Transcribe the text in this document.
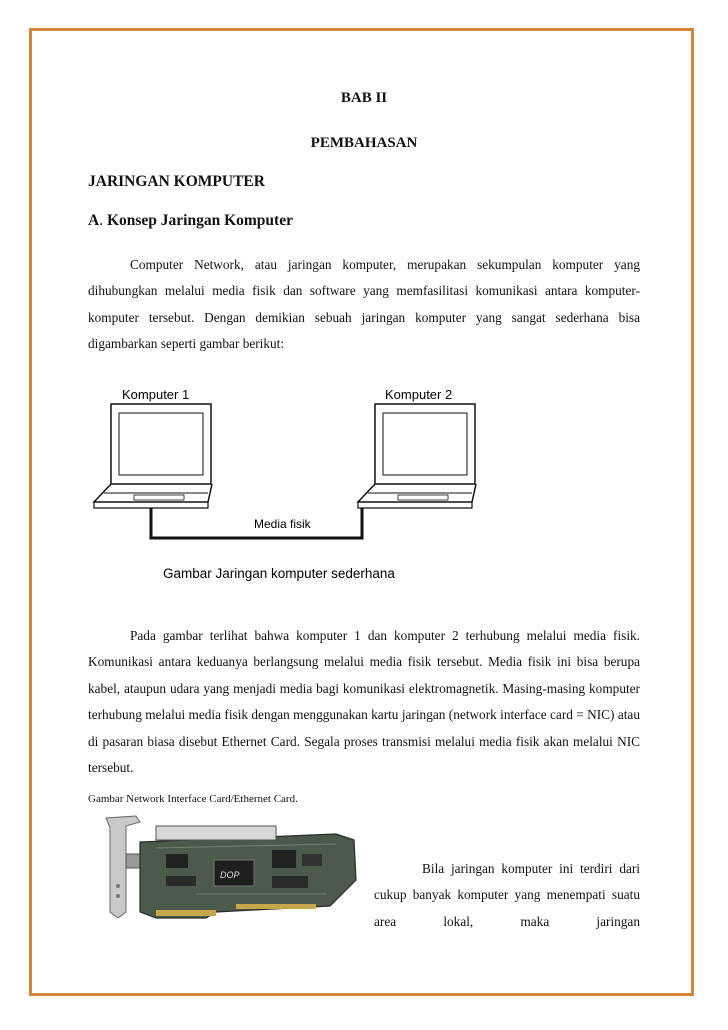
BAB II
PEMBAHASAN
JARINGAN KOMPUTER
A. Konsep Jaringan Komputer

Computer Network, atau jaringan komputer, merupakan sekumpulan komputer yang dihubungkan melalui media fisik dan software yang memfasilitasi komunikasi antara komputer-komputer tersebut. Dengan demikian sebuah jaringan komputer yang sangat sederhana bisa digambarkan seperti gambar berikut:

Komputer 1	Komputer 2
Media fisik
Gambar Jaringan komputer sederhana

Pada gambar terlihat bahwa komputer 1 dan komputer 2 terhubung melalui media fisik. Komunikasi antara keduanya berlangsung melalui media fisik tersebut. Media fisik ini bisa berupa kabel, ataupun udara yang menjadi media bagi komunikasi elektromagnetik. Masing-masing komputer terhubung melalui media fisik dengan menggunakan kartu jaringan (network interface card = NIC) atau di pasaran biasa disebut Ethernet Card. Segala proses transmisi melalui media fisik akan melalui NIC tersebut.

Gambar Network Interface Card/Ethernet Card.
DOP	Bila jaringan komputer ini terdiri dari cukup banyak komputer yang menempati suatu area lokal, maka jaringan
